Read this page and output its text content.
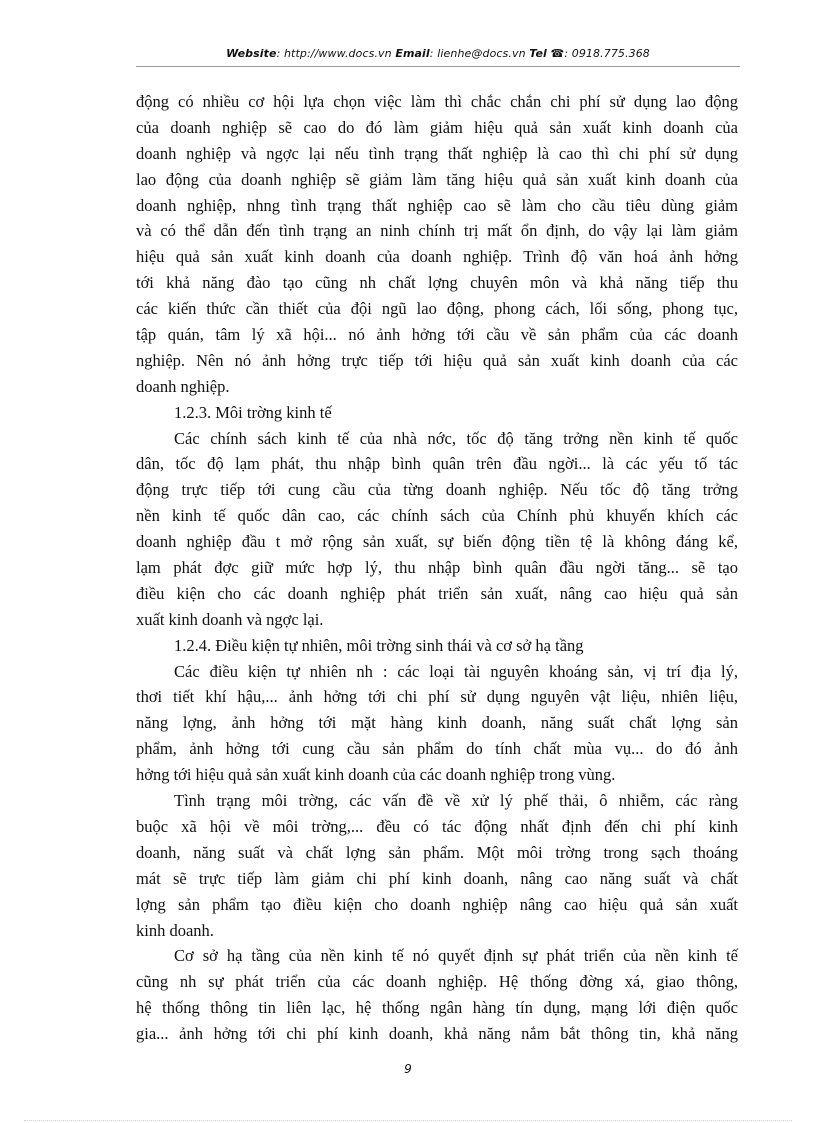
Website: http://www.docs.vn Email: lienhe@docs.vn Tel ☎: 0918.775.368
động có nhiều cơ hội lựa chọn việc làm thì chắc chắn chi phí sử dụng lao động
của doanh nghiệp sẽ cao do đó làm giảm hiệu quả sản xuất kinh doanh của
doanh nghiệp và ngợc lại nếu tình trạng thất nghiệp là cao thì chi phí sử dụng
lao động của doanh nghiệp sẽ giảm làm tăng hiệu quả sản xuất kinh doanh của
doanh nghiệp, nhng tình trạng thất nghiệp cao sẽ làm cho cầu tiêu dùng giảm
và có thể dẫn đến tình trạng an ninh chính trị mất ổn định, do vậy lại làm giảm
hiệu quả sản xuất kinh doanh của doanh nghiệp. Trình độ văn hoá ảnh hởng
tới khả năng đào tạo cũng nh chất lợng chuyên môn và khả năng tiếp thu
các kiến thức cần thiết của đội ngũ lao động, phong cách, lối sống, phong tục,
tập quán, tâm lý xã hội... nó ảnh hởng tới cầu về sản phẩm của các doanh
nghiệp. Nên nó ảnh hởng trực tiếp tới hiệu quả sản xuất kinh doanh của các
doanh nghiệp.
1.2.3. Môi trờng kinh tế
Các chính sách kinh tế của nhà nớc, tốc độ tăng trởng nền kinh tế quốc
dân, tốc độ lạm phát, thu nhập bình quân trên đầu ngời... là các yếu tố tác
động trực tiếp tới cung cầu của từng doanh nghiệp. Nếu tốc độ tăng trởng
nền kinh tế quốc dân cao, các chính sách của Chính phủ khuyến khích các
doanh nghiệp đầu t mở rộng sản xuất, sự biến động tiền tệ là không đáng kể,
lạm phát đợc giữ mức hợp lý, thu nhập bình quân đầu ngời tăng... sẽ tạo
điều kiện cho các doanh nghiệp phát triển sản xuất, nâng cao hiệu quả sản
xuất kinh doanh và ngợc lại.
1.2.4. Điều kiện tự nhiên, môi trờng sinh thái và cơ sở hạ tầng
Các điều kiện tự nhiên nh : các loại tài nguyên khoáng sản, vị trí địa lý,
thơi tiết khí hậu,... ảnh hởng tới chi phí sử dụng nguyên vật liệu, nhiên liệu,
năng lợng, ảnh hởng tới mặt hàng kinh doanh, năng suất chất lợng sản
phẩm, ảnh hởng tới cung cầu sản phẩm do tính chất mùa vụ... do đó ảnh
hởng tới hiệu quả sản xuất kinh doanh của các doanh nghiệp trong vùng.
Tình trạng môi trờng, các vấn đề về xử lý phế thải, ô nhiễm, các ràng
buộc xã hội về môi trờng,... đều có tác động nhất định đến chi phí kinh
doanh, năng suất và chất lợng sản phẩm. Một môi trờng trong sạch thoáng
mát sẽ trực tiếp làm giảm chi phí kinh doanh, nâng cao năng suất và chất
lợng sản phẩm tạo điều kiện cho doanh nghiệp nâng cao hiệu quả sản xuất
kinh doanh.
Cơ sở hạ tầng của nền kinh tế nó quyết định sự phát triển của nền kinh tế
cũng nh sự phát triển của các doanh nghiệp. Hệ thống đờng xá, giao thông,
hệ thống thông tin liên lạc, hệ thống ngân hàng tín dụng, mạng lới điện quốc
gia... ảnh hởng tới chi phí kinh doanh, khả năng nắm bắt thông tin, khả năng
9
